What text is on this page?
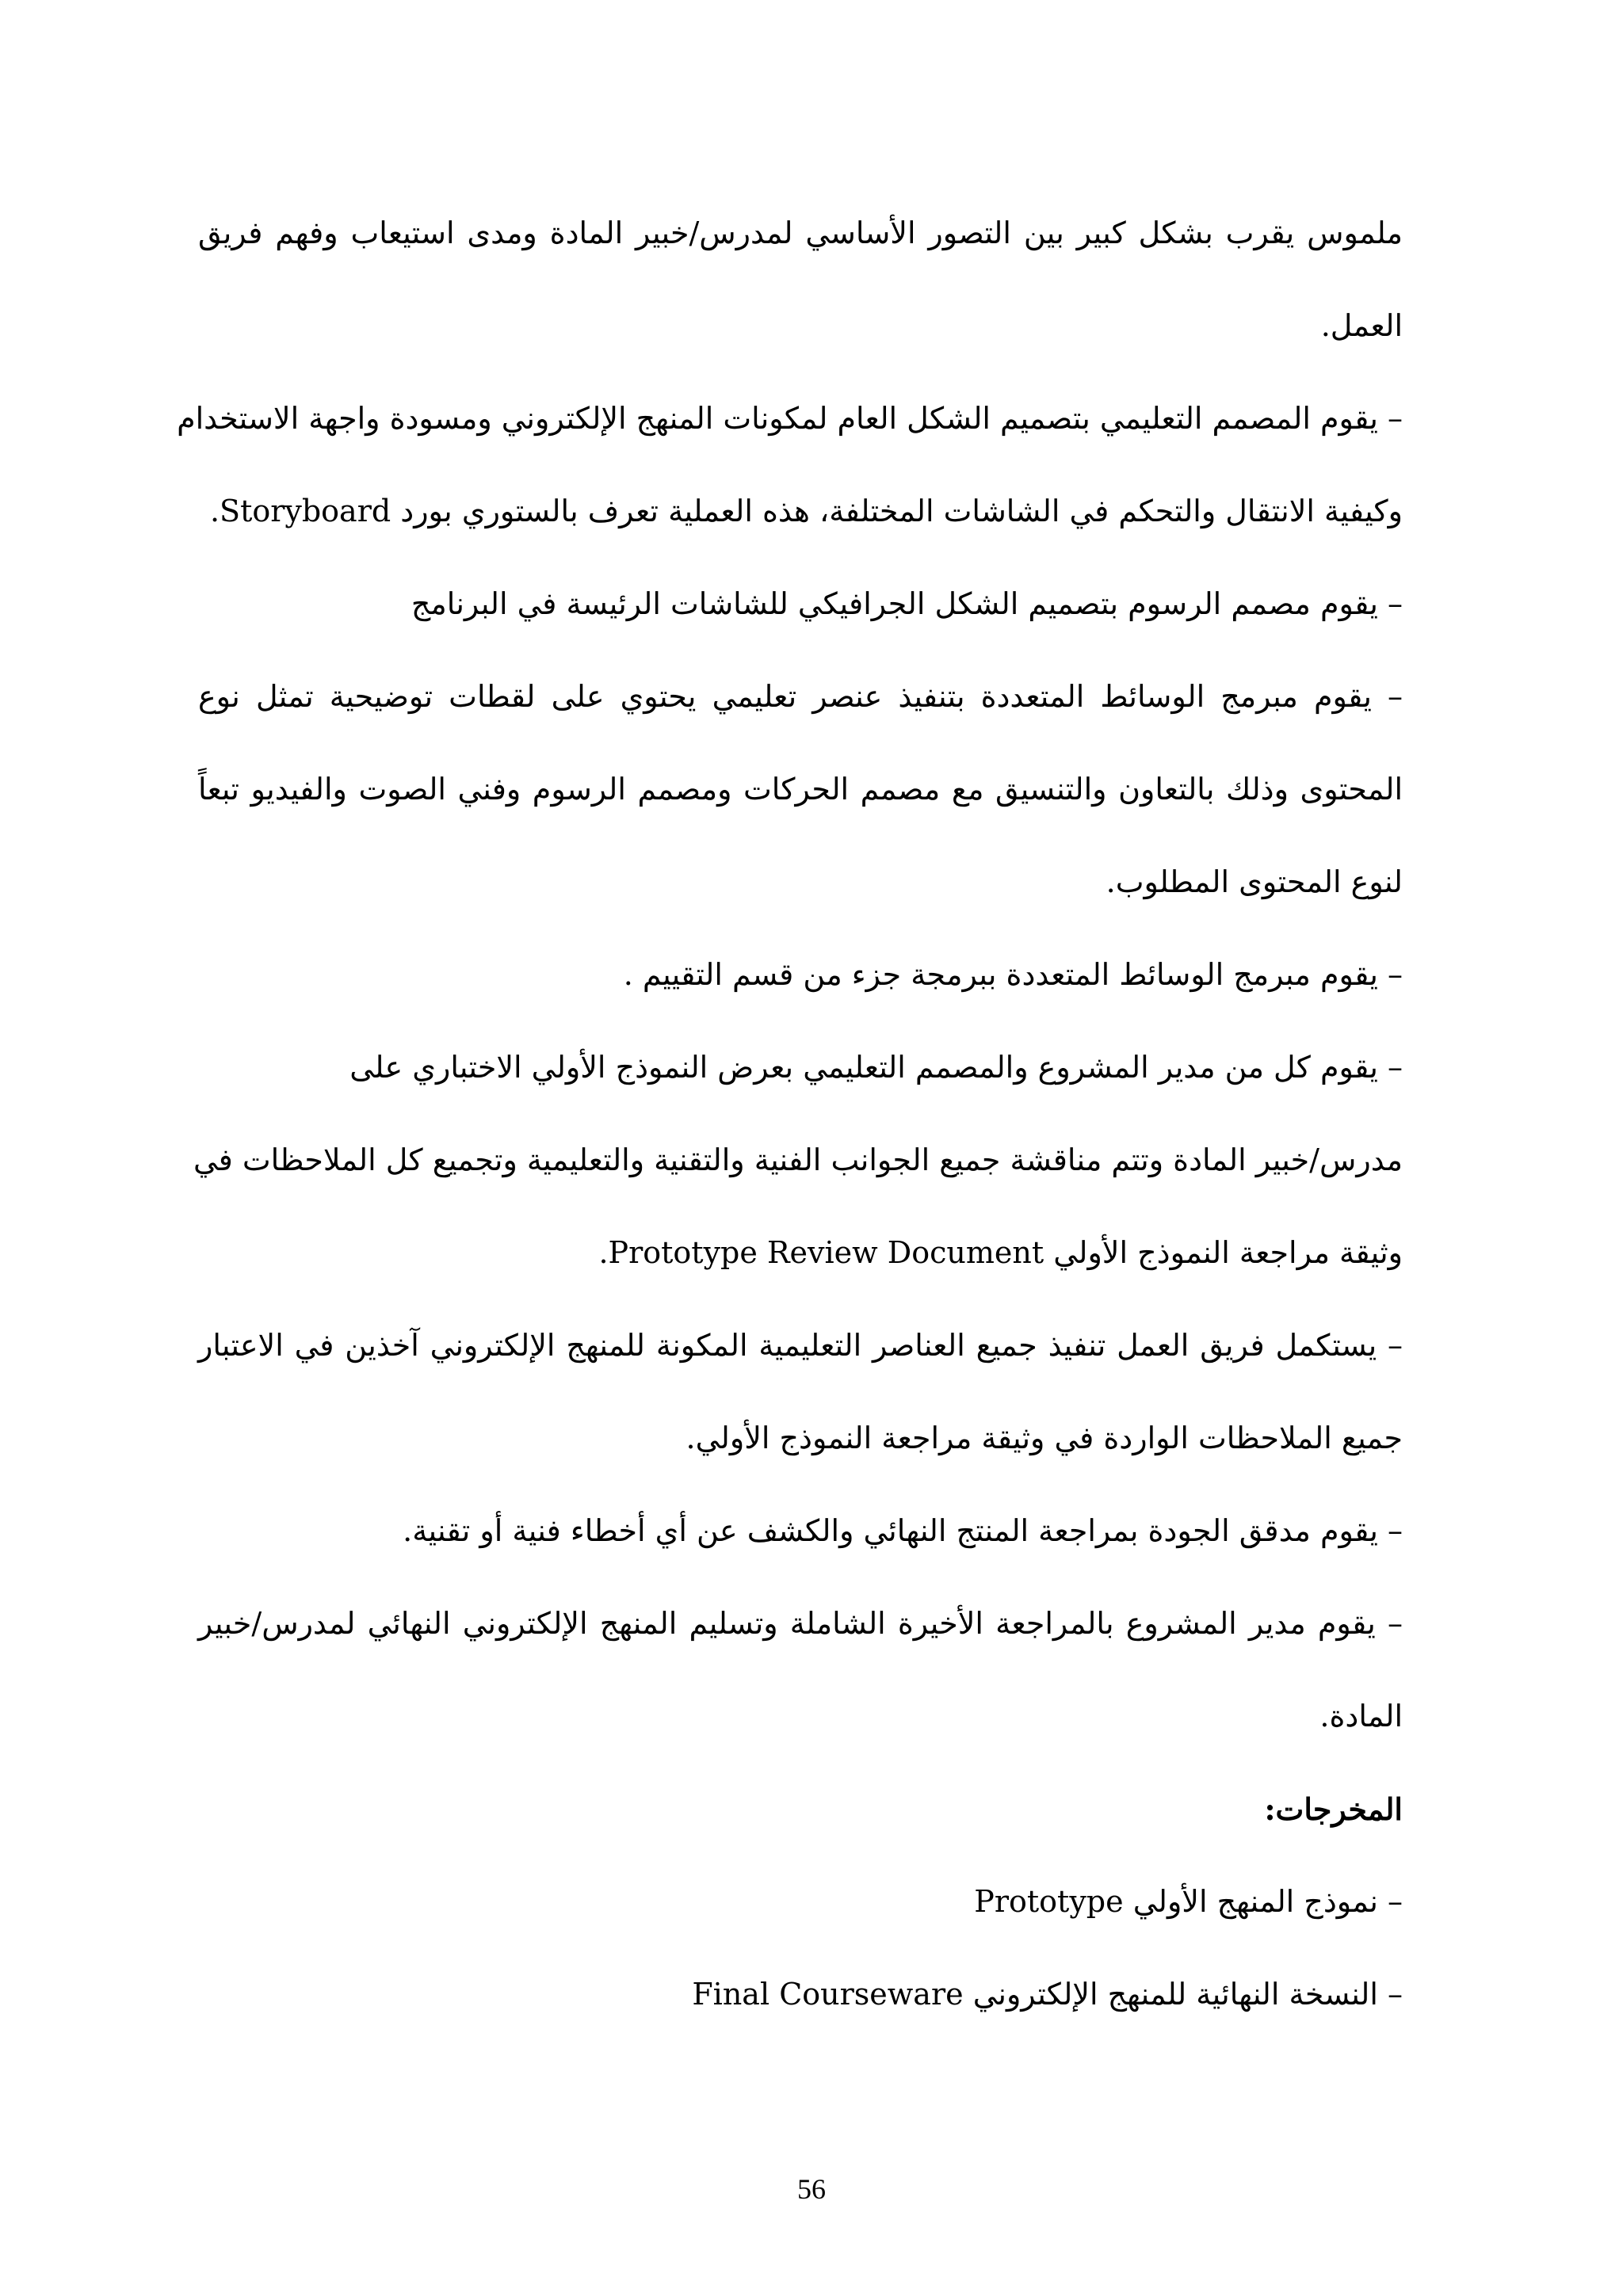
ملموس يقرب بشكل كبير بين التصور الأساسي لمدرس/خبير المادة ومدى استيعاب وفهم فريق
العمل.
– يقوم المصمم التعليمي بتصميم الشكل العام لمكونات المنهج الإلكتروني ومسودة واجهة الاستخدام
وكيفية الانتقال والتحكم في الشاشات المختلفة، هذه العملية تعرف بالستوري بورد Storyboard.
– يقوم مصمم الرسوم بتصميم الشكل الجرافيكي للشاشات الرئيسة في البرنامج
– يقوم مبرمج الوسائط المتعددة بتنفيذ عنصر تعليمي يحتوي على لقطات توضيحية تمثل نوع
المحتوى وذلك بالتعاون والتنسيق مع مصمم الحركات ومصمم الرسوم وفني الصوت والفيديو تبعاً
لنوع المحتوى المطلوب.
– يقوم مبرمج الوسائط المتعددة ببرمجة جزء من قسم التقييم .
– يقوم كل من مدير المشروع والمصمم التعليمي بعرض النموذج الأولي الاختباري على
مدرس/خبير المادة وتتم مناقشة جميع الجوانب الفنية والتقنية والتعليمية وتجميع كل الملاحظات في
وثيقة مراجعة النموذج الأولي Prototype Review Document.
– يستكمل فريق العمل تنفيذ جميع العناصر التعليمية المكونة للمنهج الإلكتروني آخذين في الاعتبار
جميع الملاحظات الواردة في وثيقة مراجعة النموذج الأولي.
– يقوم مدقق الجودة بمراجعة المنتج النهائي والكشف عن أي أخطاء فنية أو تقنية.
– يقوم مدير المشروع بالمراجعة الأخيرة الشاملة وتسليم المنهج الإلكتروني النهائي لمدرس/خبير
المادة.
المخرجات:
– نموذج المنهج الأولي Prototype
– النسخة النهائية للمنهج الإلكتروني Final Courseware
56
